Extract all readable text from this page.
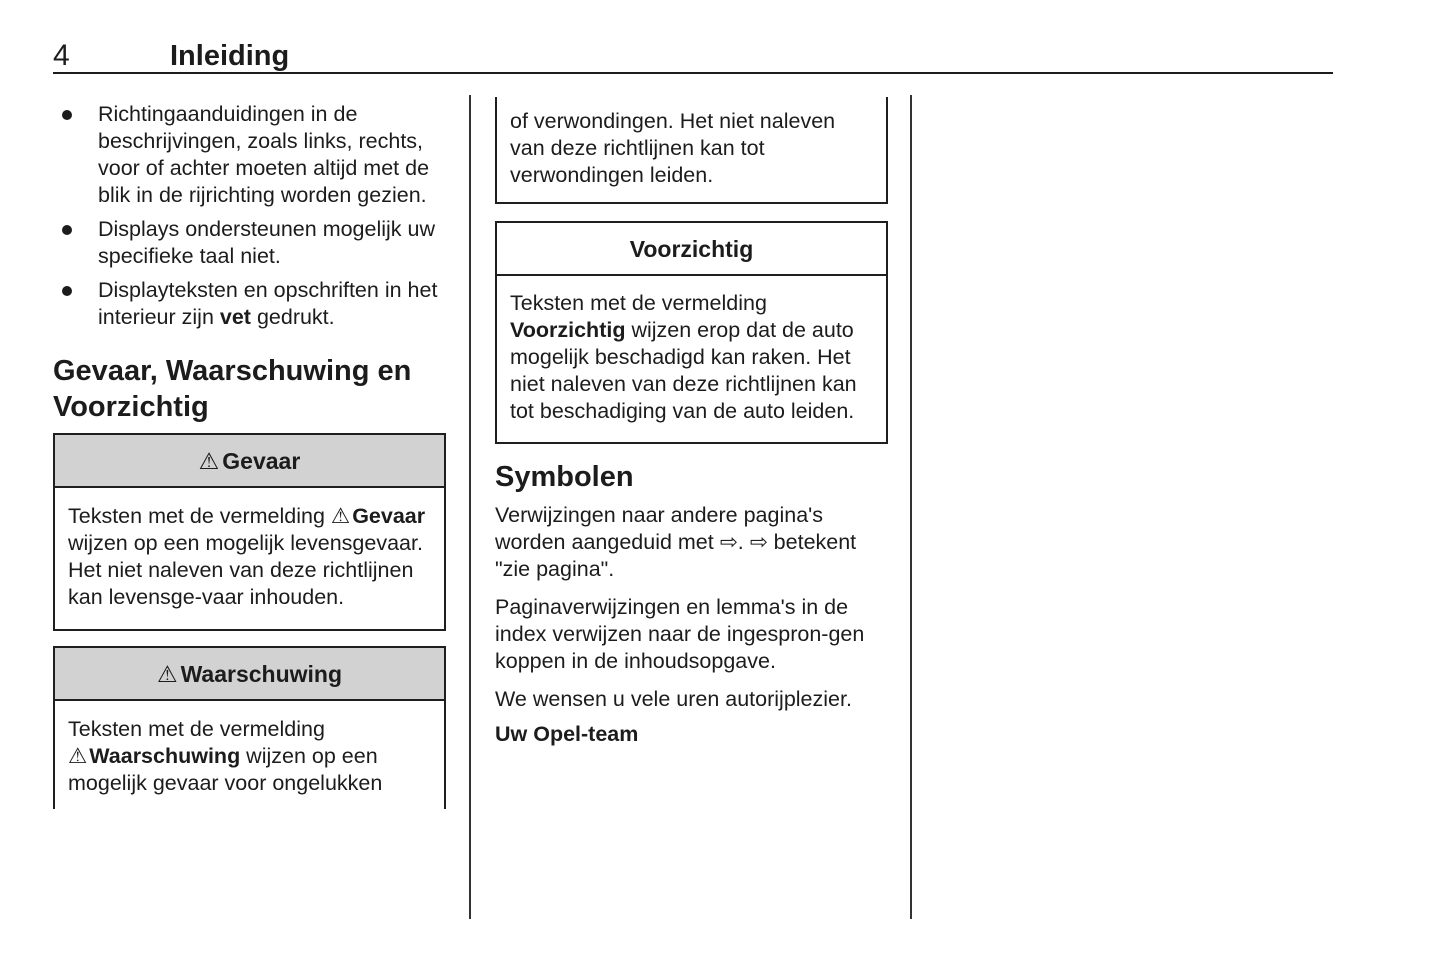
4	Inleiding
Richtingaanduidingen in de beschrijvingen, zoals links, rechts, voor of achter moeten altijd met de blik in de rijrichting worden gezien.
Displays ondersteunen mogelijk uw specifieke taal niet.
Displayteksten en opschriften in het interieur zijn vet gedrukt.
Gevaar, Waarschuwing en Voorzichtig
⚠ Gevaar
Teksten met de vermelding ⚠Gevaar wijzen op een mogelijk levensgevaar. Het niet naleven van deze richtlijnen kan levensge-vaar inhouden.
⚠ Waarschuwing
Teksten met de vermelding ⚠Waarschuwing wijzen op een mogelijk gevaar voor ongelukken
of verwondingen. Het niet naleven van deze richtlijnen kan tot verwondingen leiden.
Voorzichtig
Teksten met de vermelding Voorzichtig wijzen erop dat de auto mogelijk beschadigd kan raken. Het niet naleven van deze richtlijnen kan tot beschadiging van de auto leiden.
Symbolen
Verwijzingen naar andere pagina's worden aangeduid met ⇨. ⇨ betekent "zie pagina".
Paginaverwijzingen en lemma's in de index verwijzen naar de ingespron-gen koppen in de inhoudsopgave.
We wensen u vele uren autorijplezier.
Uw Opel-team
